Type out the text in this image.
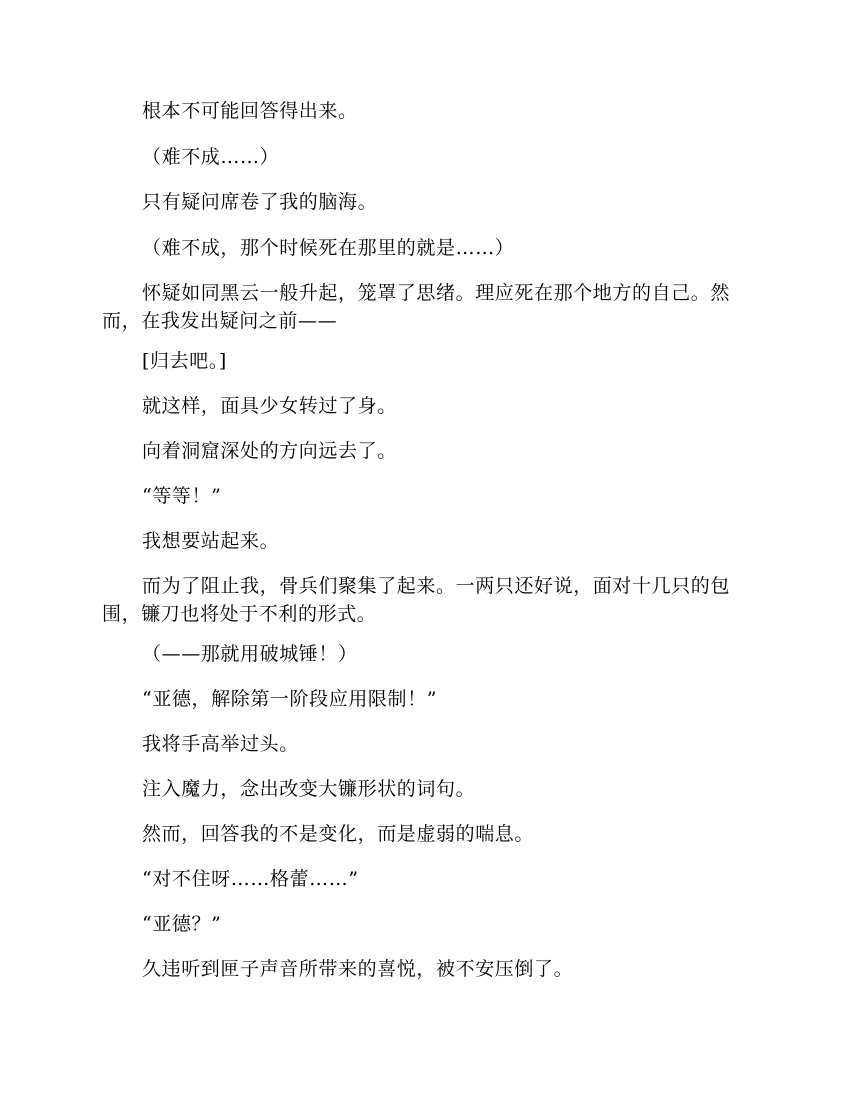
根本不可能回答得出来。

（难不成……）

只有疑问席卷了我的脑海。

（难不成，那个时候死在那里的就是……）

怀疑如同黑云一般升起，笼罩了思绪。理应死在那个地方的自己。然而，在我发出疑问之前——

[归去吧。]

就这样，面具少女转过了身。

向着洞窟深处的方向远去了。

“等等！”

我想要站起来。

而为了阻止我，骨兵们聚集了起来。一两只还好说，面对十几只的包围，镰刀也将处于不利的形式。

（——那就用破城锤！）

“亚德，解除第一阶段应用限制！”

我将手高举过头。

注入魔力，念出改变大镰形状的词句。

然而，回答我的不是变化，而是虚弱的喘息。

“对不住呀……格蕾……”

“亚德？”

久违听到匣子声音所带来的喜悦，被不安压倒了。
